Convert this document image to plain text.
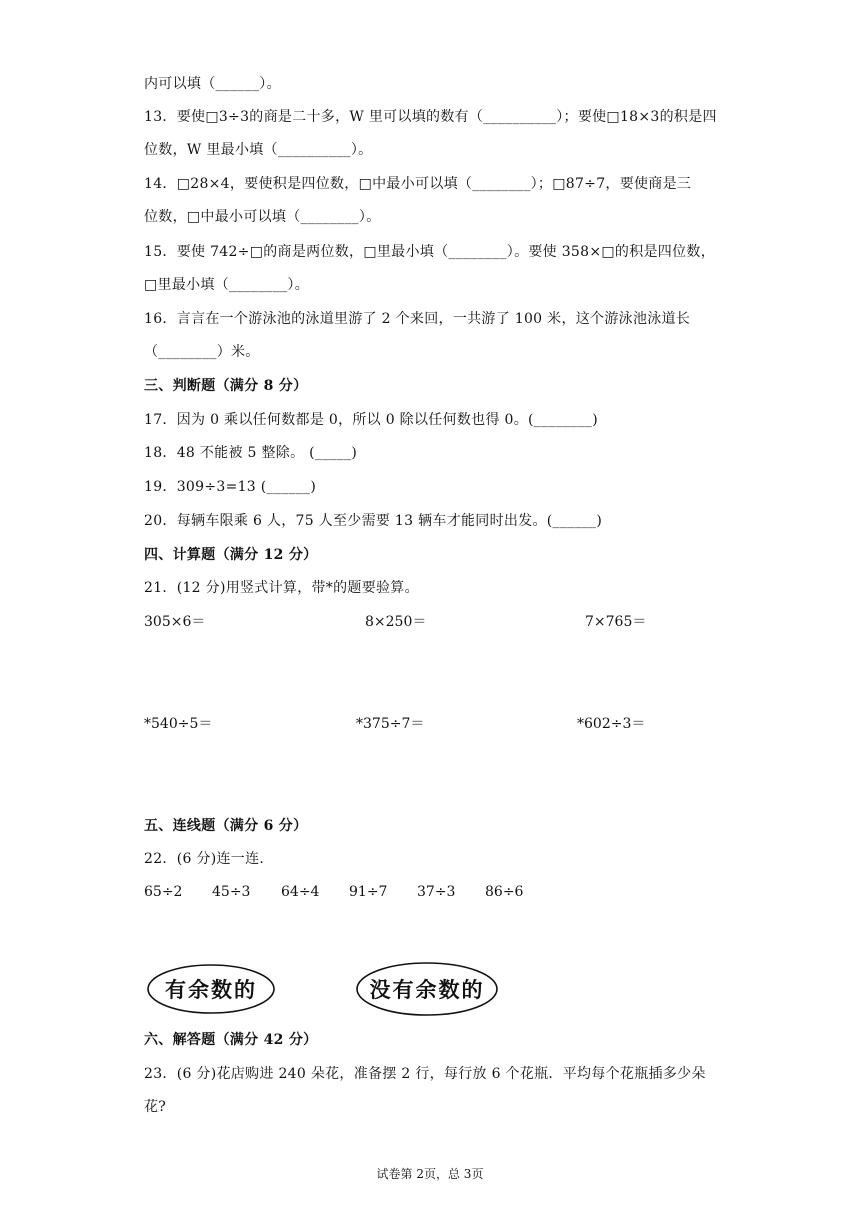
内可以填（______）。
13．要使□3÷3的商是二十多，W 里可以填的数有（__________）；要使□18×3的积是四
位数，W 里最小填（__________）。
14．□28×4，要使积是四位数，□中最小可以填（________）；□87÷7，要使商是三
位数，□中最小可以填（________）。
15．要使 742÷□的商是两位数，□里最小填（________）。要使 358×□的积是四位数，
□里最小填（________）。
16．言言在一个游泳池的泳道里游了 2 个来回，一共游了 100 米，这个游泳池泳道长
（________）米。
三、判断题（满分 8 分）
17．因为 0 乘以任何数都是 0，所以 0 除以任何数也得 0。(________)
18．48 不能被 5 整除。 (_____)
19．309÷3=13 (______)
20．每辆车限乘 6 人，75 人至少需要 13 辆车才能同时出发。(______)
四、计算题（满分 12 分）
21．(12 分)用竖式计算，带*的题要验算。
305×6＝	8×250＝	7×765＝
*540÷5＝	*375÷7＝	*602÷3＝
五、连线题（满分 6 分）
22．(6 分)连一连.
65÷2 45÷3 64÷4 91÷7 37÷3 86÷6
有余数的	没有余数的
六、解答题（满分 42 分）
23．(6 分)花店购进 240 朵花，准备摆 2 行，每行放 6 个花瓶．平均每个花瓶插多少朵
花?
试卷第 2页，总 3页
